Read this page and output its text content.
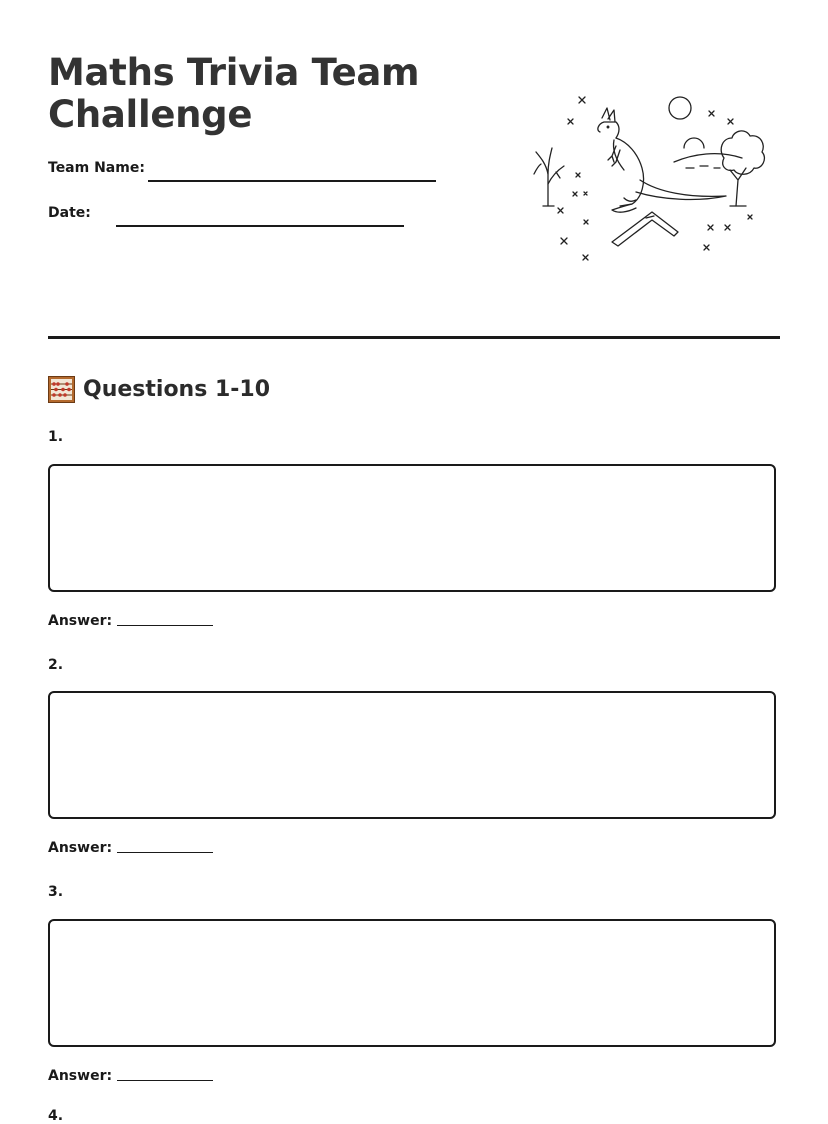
Maths Trivia Team Challenge
Team Name:
Date:
Questions 1-10
1.
Answer:
2.
Answer:
3.
Answer:
4.
